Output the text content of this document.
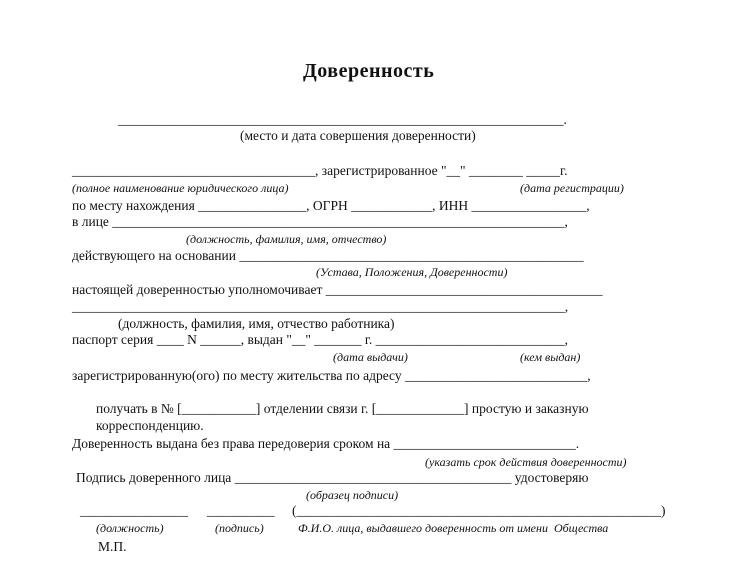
Доверенность
__________________________________________________________________.
(место и дата совершения доверенности)
____________________________________, зарегистрированное "__" ________ _____г.
(полное наименование юридического лица)	(дата регистрации)
по месту нахождения ________________, ОГРН ____________, ИНН _________________,
в лице ___________________________________________________________________,
(должность, фамилия, имя, отчество)
действующего на основании ___________________________________________________
(Устава, Положения, Доверенности)
настоящей доверенностью уполномочивает _________________________________________
_________________________________________________________________________,
(должность, фамилия, имя, отчество работника)
паспорт серия ____ N ______, выдан "__" _______ г. ____________________________,
(дата выдачи)	(кем выдан)
зарегистрированную(ого) по месту жительства по адресу ___________________________,
получать в № [___________] отделении связи г. [_____________] простую и заказную
корреспонденцию.
Доверенность выдана без права передоверия сроком на ___________________________.
(указать срок действия доверенности)
Подпись доверенного лица _________________________________________ удостоверяю
(образец подписи)
________________ __________ (______________________________________________________)
(должность)	(подпись)	Ф.И.О. лица, выдавшего доверенность от имени  Общества
М.П.
